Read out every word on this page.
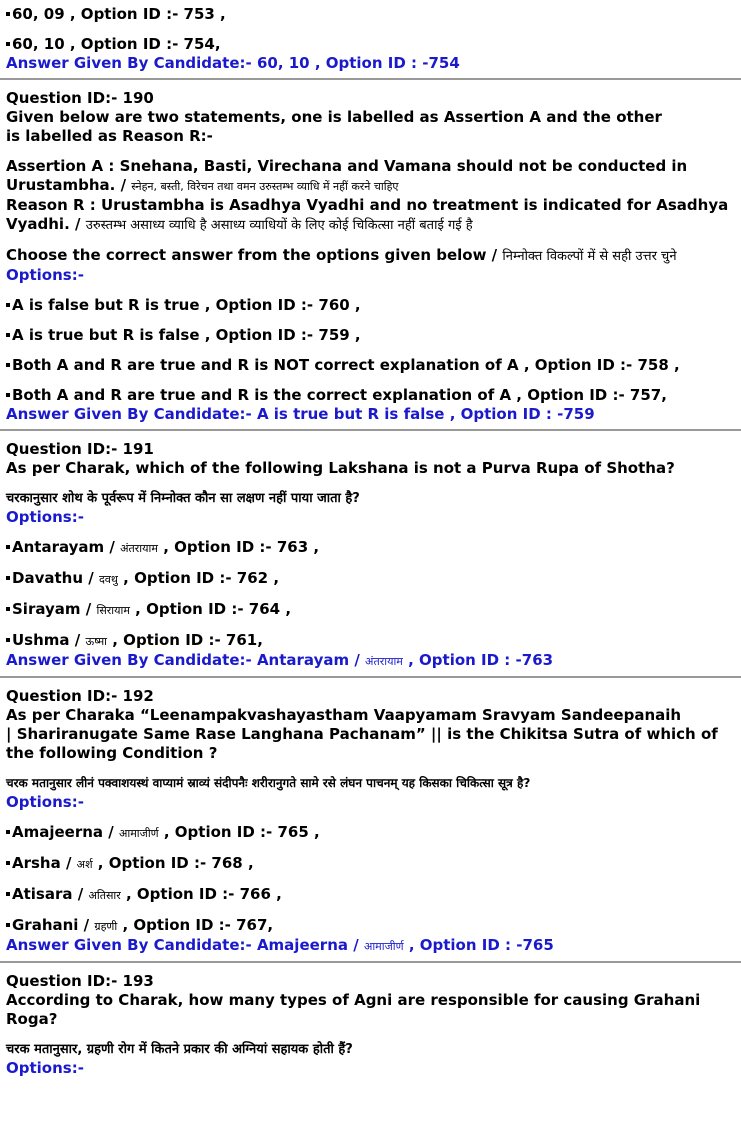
60, 09 , Option ID :- 753 ,
60, 10 , Option ID :- 754,
Answer Given By Candidate:- 60, 10 , Option ID : -754
Question ID:- 190
Given below are two statements, one is labelled as Assertion A and the other
is labelled as Reason R:-
Assertion A : Snehana, Basti, Virechana and Vamana should not be conducted in
Urustambha. / स्नेहन, बस्ती, विरेचन तथा वमन उरुस्तम्भ व्याधि में नहीं करने चाहिए
Reason R : Urustambha is Asadhya Vyadhi and no treatment is indicated for Asadhya
Vyadhi. / उरुस्तम्भ असाध्य व्याधि है असाध्य व्याधियों के लिए कोई चिकित्सा नहीं बताई गई है
Choose the correct answer from the options given below / निम्नोक्त विकल्पों में से सही उत्तर चुने
Options:-
A is false but R is true , Option ID :- 760 ,
A is true but R is false , Option ID :- 759 ,
Both A and R are true and R is NOT correct explanation of A , Option ID :- 758 ,
Both A and R are true and R is the correct explanation of A , Option ID :- 757,
Answer Given By Candidate:- A is true but R is false , Option ID : -759
Question ID:- 191
As per Charak, which of the following Lakshana is not a Purva Rupa of Shotha?
चरकानुसार शोथ के पूर्वरूप में निम्नोक्त कौन सा लक्षण नहीं पाया जाता है?
Options:-
Antarayam / अंतरायाम , Option ID :- 763 ,
Davathu / दवथु , Option ID :- 762 ,
Sirayam / सिरायाम , Option ID :- 764 ,
Ushma / ऊष्मा , Option ID :- 761,
Answer Given By Candidate:- Antarayam / अंतरायाम , Option ID : -763
Question ID:- 192
As per Charaka “Leenampakvashayastham Vaapyamam Sravyam Sandeepanaih
| Shariranugate Same Rase Langhana Pachanam” || is the Chikitsa Sutra of which of
the following Condition ?
चरक मतानुसार लीनं पक्वाशयस्थं वाप्यामं स्राव्यं संदीपनैः शरीरानुगते सामे रसे लंघन पाचनम् यह किसका चिकित्सा सूत्र है?
Options:-
Amajeerna / आमाजीर्ण , Option ID :- 765 ,
Arsha / अर्श , Option ID :- 768 ,
Atisara / अतिसार , Option ID :- 766 ,
Grahani / ग्रहणी , Option ID :- 767,
Answer Given By Candidate:- Amajeerna / आमाजीर्ण , Option ID : -765
Question ID:- 193
According to Charak, how many types of Agni are responsible for causing Grahani
Roga?
चरक मतानुसार, ग्रहणी रोग में कितने प्रकार की अग्नियां सहायक होती हैं?
Options:-
